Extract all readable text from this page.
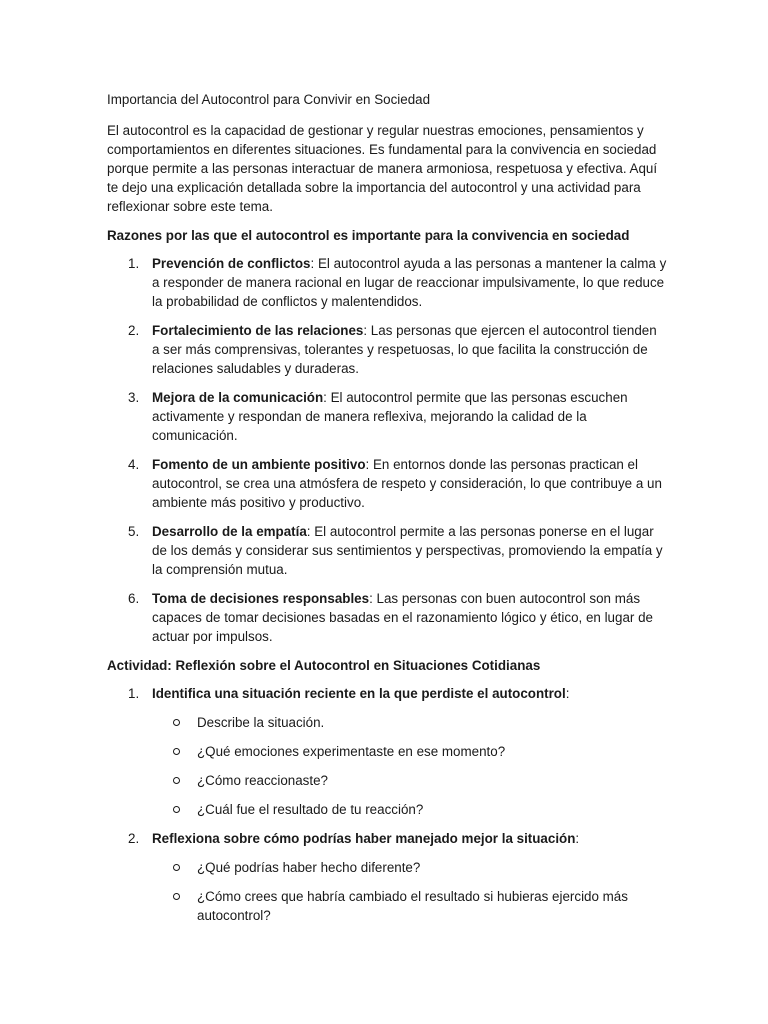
Importancia del Autocontrol para Convivir en Sociedad

El autocontrol es la capacidad de gestionar y regular nuestras emociones, pensamientos y comportamientos en diferentes situaciones. Es fundamental para la convivencia en sociedad porque permite a las personas interactuar de manera armoniosa, respetuosa y efectiva. Aquí te dejo una explicación detallada sobre la importancia del autocontrol y una actividad para reflexionar sobre este tema.

Razones por las que el autocontrol es importante para la convivencia en sociedad
1. Prevención de conflictos: El autocontrol ayuda a las personas a mantener la calma y a responder de manera racional en lugar de reaccionar impulsivamente, lo que reduce la probabilidad de conflictos y malentendidos.
2. Fortalecimiento de las relaciones: Las personas que ejercen el autocontrol tienden a ser más comprensivas, tolerantes y respetuosas, lo que facilita la construcción de relaciones saludables y duraderas.
3. Mejora de la comunicación: El autocontrol permite que las personas escuchen activamente y respondan de manera reflexiva, mejorando la calidad de la comunicación.
4. Fomento de un ambiente positivo: En entornos donde las personas practican el autocontrol, se crea una atmósfera de respeto y consideración, lo que contribuye a un ambiente más positivo y productivo.
5. Desarrollo de la empatía: El autocontrol permite a las personas ponerse en el lugar de los demás y considerar sus sentimientos y perspectivas, promoviendo la empatía y la comprensión mutua.
6. Toma de decisiones responsables: Las personas con buen autocontrol son más capaces de tomar decisiones basadas en el razonamiento lógico y ético, en lugar de actuar por impulsos.
Actividad: Reflexión sobre el Autocontrol en Situaciones Cotidianas
1. Identifica una situación reciente en la que perdiste el autocontrol:
Describe la situación.
¿Qué emociones experimentaste en ese momento?
¿Cómo reaccionaste?
¿Cuál fue el resultado de tu reacción?
2. Reflexiona sobre cómo podrías haber manejado mejor la situación:
¿Qué podrías haber hecho diferente?
¿Cómo crees que habría cambiado el resultado si hubieras ejercido más autocontrol?
